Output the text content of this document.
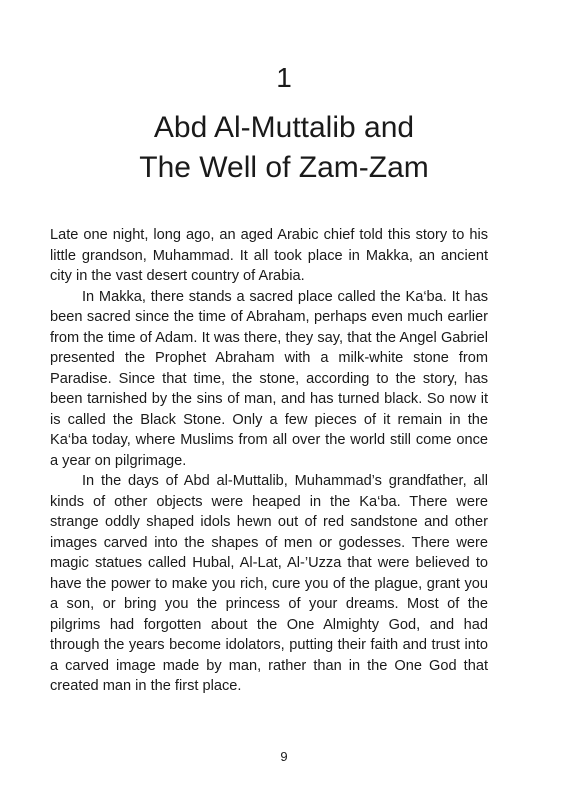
1
Abd Al-Muttalib and
The Well of Zam-Zam

Late one night, long ago, an aged Arabic chief told this story to his little grandson, Muhammad. It all took place in Makka, an ancient city in the vast desert country of Arabia.

In Makka, there stands a sacred place called the Ka‘ba. It has been sacred since the time of Abraham, perhaps even much earlier from the time of Adam. It was there, they say, that the Angel Gabriel presented the Prophet Abraham with a milk-white stone from Paradise. Since that time, the stone, according to the story, has been tarnished by the sins of man, and has turned black. So now it is called the Black Stone. Only a few pieces of it remain in the Ka‘ba today, where Muslims from all over the world still come once a year on pilgrimage.

In the days of Abd al-Muttalib, Muhammad’s grandfather, all kinds of other objects were heaped in the Ka‘ba. There were strange oddly shaped idols hewn out of red sandstone and other images carved into the shapes of men or godesses. There were magic statues called Hubal, Al-Lat, Al-’Uzza that were believed to have the power to make you rich, cure you of the plague, grant you a son, or bring you the princess of your dreams. Most of the pilgrims had forgotten about the One Almighty God, and had through the years become idolators, putting their faith and trust into a carved image made by man, rather than in the One God that created man in the first place.

9
